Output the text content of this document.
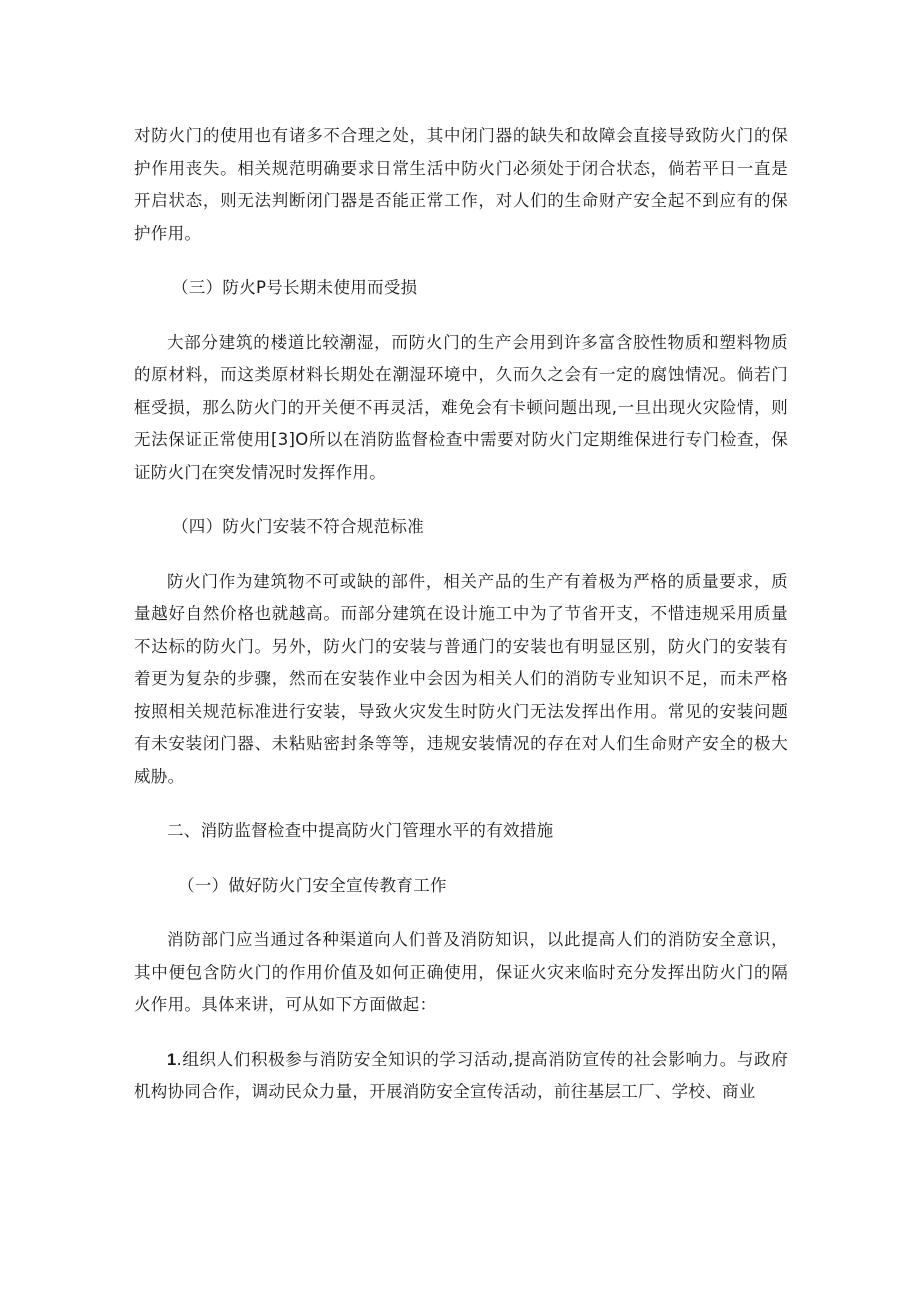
对防火门的使用也有诸多不合理之处，其中闭门器的缺失和故障会直接导致防火门的保护作用丧失。相关规范明确要求日常生活中防火门必须处于闭合状态，倘若平日一直是开启状态，则无法判断闭门器是否能正常工作，对人们的生命财产安全起不到应有的保护作用。

（三）防火P号长期未使用而受损

大部分建筑的楼道比较潮湿，而防火门的生产会用到许多富含胶性物质和塑料物质的原材料，而这类原材料长期处在潮湿环境中，久而久之会有一定的腐蚀情况。倘若门框受损，那么防火门的开关便不再灵活，难免会有卡顿问题出现,一旦出现火灾险情，则无法保证正常使用[3]O所以在消防监督检查中需要对防火门定期维保进行专门检查，保证防火门在突发情况时发挥作用。

（四）防火门安装不符合规范标准

防火门作为建筑物不可或缺的部件，相关产品的生产有着极为严格的质量要求，质量越好自然价格也就越高。而部分建筑在设计施工中为了节省开支，不惜违规采用质量不达标的防火门。另外，防火门的安装与普通门的安装也有明显区别，防火门的安装有着更为复杂的步骤，然而在安装作业中会因为相关人们的消防专业知识不足，而未严格按照相关规范标准进行安装，导致火灾发生时防火门无法发挥出作用。常见的安装问题有未安装闭门器、未粘贴密封条等等，违规安装情况的存在对人们生命财产安全的极大威胁。

二、消防监督检查中提高防火门管理水平的有效措施

（一）做好防火门安全宣传教育工作

消防部门应当通过各种渠道向人们普及消防知识，以此提高人们的消防安全意识，其中便包含防火门的作用价值及如何正确使用，保证火灾来临时充分发挥出防火门的隔火作用。具体来讲，可从如下方面做起：

1.组织人们积极参与消防安全知识的学习活动,提高消防宣传的社会影响力。与政府机构协同合作，调动民众力量，开展消防安全宣传活动，前往基层工厂、学校、商业
